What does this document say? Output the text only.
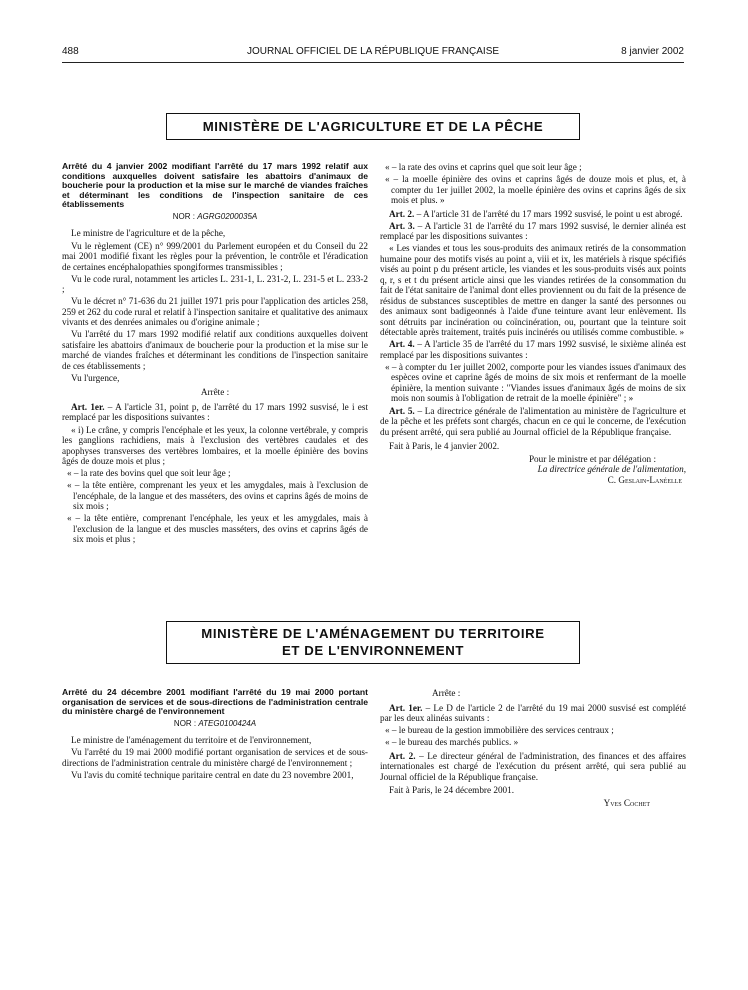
488	JOURNAL OFFICIEL DE LA RÉPUBLIQUE FRANÇAISE	8 janvier 2002
MINISTÈRE DE L'AGRICULTURE ET DE LA PÊCHE

Arrêté du 4 janvier 2002 modifiant l'arrêté du 17 mars 1992 relatif aux conditions auxquelles doivent satisfaire les abattoirs d'animaux de boucherie pour la production et la mise sur le marché de viandes fraîches et déterminant les conditions de l'inspection sanitaire de ces établissements

NOR : AGRG0200035A

Le ministre de l'agriculture et de la pêche,

Vu le règlement (CE) n° 999/2001 du Parlement européen et du Conseil du 22 mai 2001 modifié fixant les règles pour la prévention, le contrôle et l'éradication de certaines encéphalopathies spongiformes transmissibles ;

Vu le code rural, notamment les articles L. 231-1, L. 231-2, L. 231-5 et L. 233-2 ;

Vu le décret n° 71-636 du 21 juillet 1971 pris pour l'application des articles 258, 259 et 262 du code rural et relatif à l'inspection sanitaire et qualitative des animaux vivants et des denrées animales ou d'origine animale ;

Vu l'arrêté du 17 mars 1992 modifié relatif aux conditions auxquelles doivent satisfaire les abattoirs d'animaux de boucherie pour la production et la mise sur le marché de viandes fraîches et déterminant les conditions de l'inspection sanitaire de ces établissements ;

Vu l'urgence,

Arrête :

Art. 1er. – A l'article 31, point p, de l'arrêté du 17 mars 1992 susvisé, le i est remplacé par les dispositions suivantes :

« i) Le crâne, y compris l'encéphale et les yeux, la colonne vertébrale, y compris les ganglions rachidiens, mais à l'exclusion des vertèbres caudales et des apophyses transverses des vertèbres lombaires, et la moelle épinière des bovins âgés de douze mois et plus ;

« – la rate des bovins quel que soit leur âge ;

« – la tête entière, comprenant les yeux et les amygdales, mais à l'exclusion de l'encéphale, de la langue et des masséters, des ovins et caprins âgés de moins de six mois ;

« – la tête entière, comprenant l'encéphale, les yeux et les amygdales, mais à l'exclusion de la langue et des muscles masséters, des ovins et caprins âgés de six mois et plus ;

« – la rate des ovins et caprins quel que soit leur âge ;

« – la moelle épinière des ovins et caprins âgés de douze mois et plus, et, à compter du 1er juillet 2002, la moelle épinière des ovins et caprins âgés de six mois et plus. »

Art. 2. – A l'article 31 de l'arrêté du 17 mars 1992 susvisé, le point u est abrogé.

Art. 3. – A l'article 31 de l'arrêté du 17 mars 1992 susvisé, le dernier alinéa est remplacé par les dispositions suivantes :

« Les viandes et tous les sous-produits des animaux retirés de la consommation humaine pour des motifs visés au point a, viii et ix, les matériels à risque spécifiés visés au point p du présent article, les viandes et les sous-produits visés aux points q, r, s et t du présent article ainsi que les viandes retirées de la consommation du fait de l'état sanitaire de l'animal dont elles proviennent ou du fait de la présence de résidus de substances susceptibles de mettre en danger la santé des personnes ou des animaux sont badigeonnés à l'aide d'une teinture avant leur enlèvement. Ils sont détruits par incinération ou coïncinération, ou, pourtant que la teinture soit détectable après traitement, traités puis incinérés ou utilisés comme combustible. »

Art. 4. – A l'article 35 de l'arrêté du 17 mars 1992 susvisé, le sixième alinéa est remplacé par les dispositions suivantes :

« – à compter du 1er juillet 2002, comporte pour les viandes issues d'animaux des espèces ovine et caprine âgés de moins de six mois et renfermant de la moelle épinière, la mention suivante : "Viandes issues d'animaux âgés de moins de six mois non soumis à l'obligation de retrait de la moelle épinière" ; »

Art. 5. – La directrice générale de l'alimentation au ministère de l'agriculture et de la pêche et les préfets sont chargés, chacun en ce qui le concerne, de l'exécution du présent arrêté, qui sera publié au Journal officiel de la République française.

Fait à Paris, le 4 janvier 2002.

Pour le ministre et par délégation :

La directrice générale de l'alimentation,

C. Geslain-Lanéelle

MINISTÈRE DE L'AMÉNAGEMENT DU TERRITOIRE
ET DE L'ENVIRONNEMENT

Arrêté du 24 décembre 2001 modifiant l'arrêté du 19 mai 2000 portant organisation de services et de sous-directions de l'administration centrale du ministère chargé de l'environnement

NOR : ATEG0100424A

Le ministre de l'aménagement du territoire et de l'environnement,

Vu l'arrêté du 19 mai 2000 modifié portant organisation de services et de sous-directions de l'administration centrale du ministère chargé de l'environnement ;

Vu l'avis du comité technique paritaire central en date du 23 novembre 2001,

Arrête :

Art. 1er. – Le D de l'article 2 de l'arrêté du 19 mai 2000 susvisé est complété par les deux alinéas suivants :

« – le bureau de la gestion immobilière des services centraux ;

« – le bureau des marchés publics. »

Art. 2. – Le directeur général de l'administration, des finances et des affaires internationales est chargé de l'exécution du présent arrêté, qui sera publié au Journal officiel de la République française.

Fait à Paris, le 24 décembre 2001.

Yves Cochet
